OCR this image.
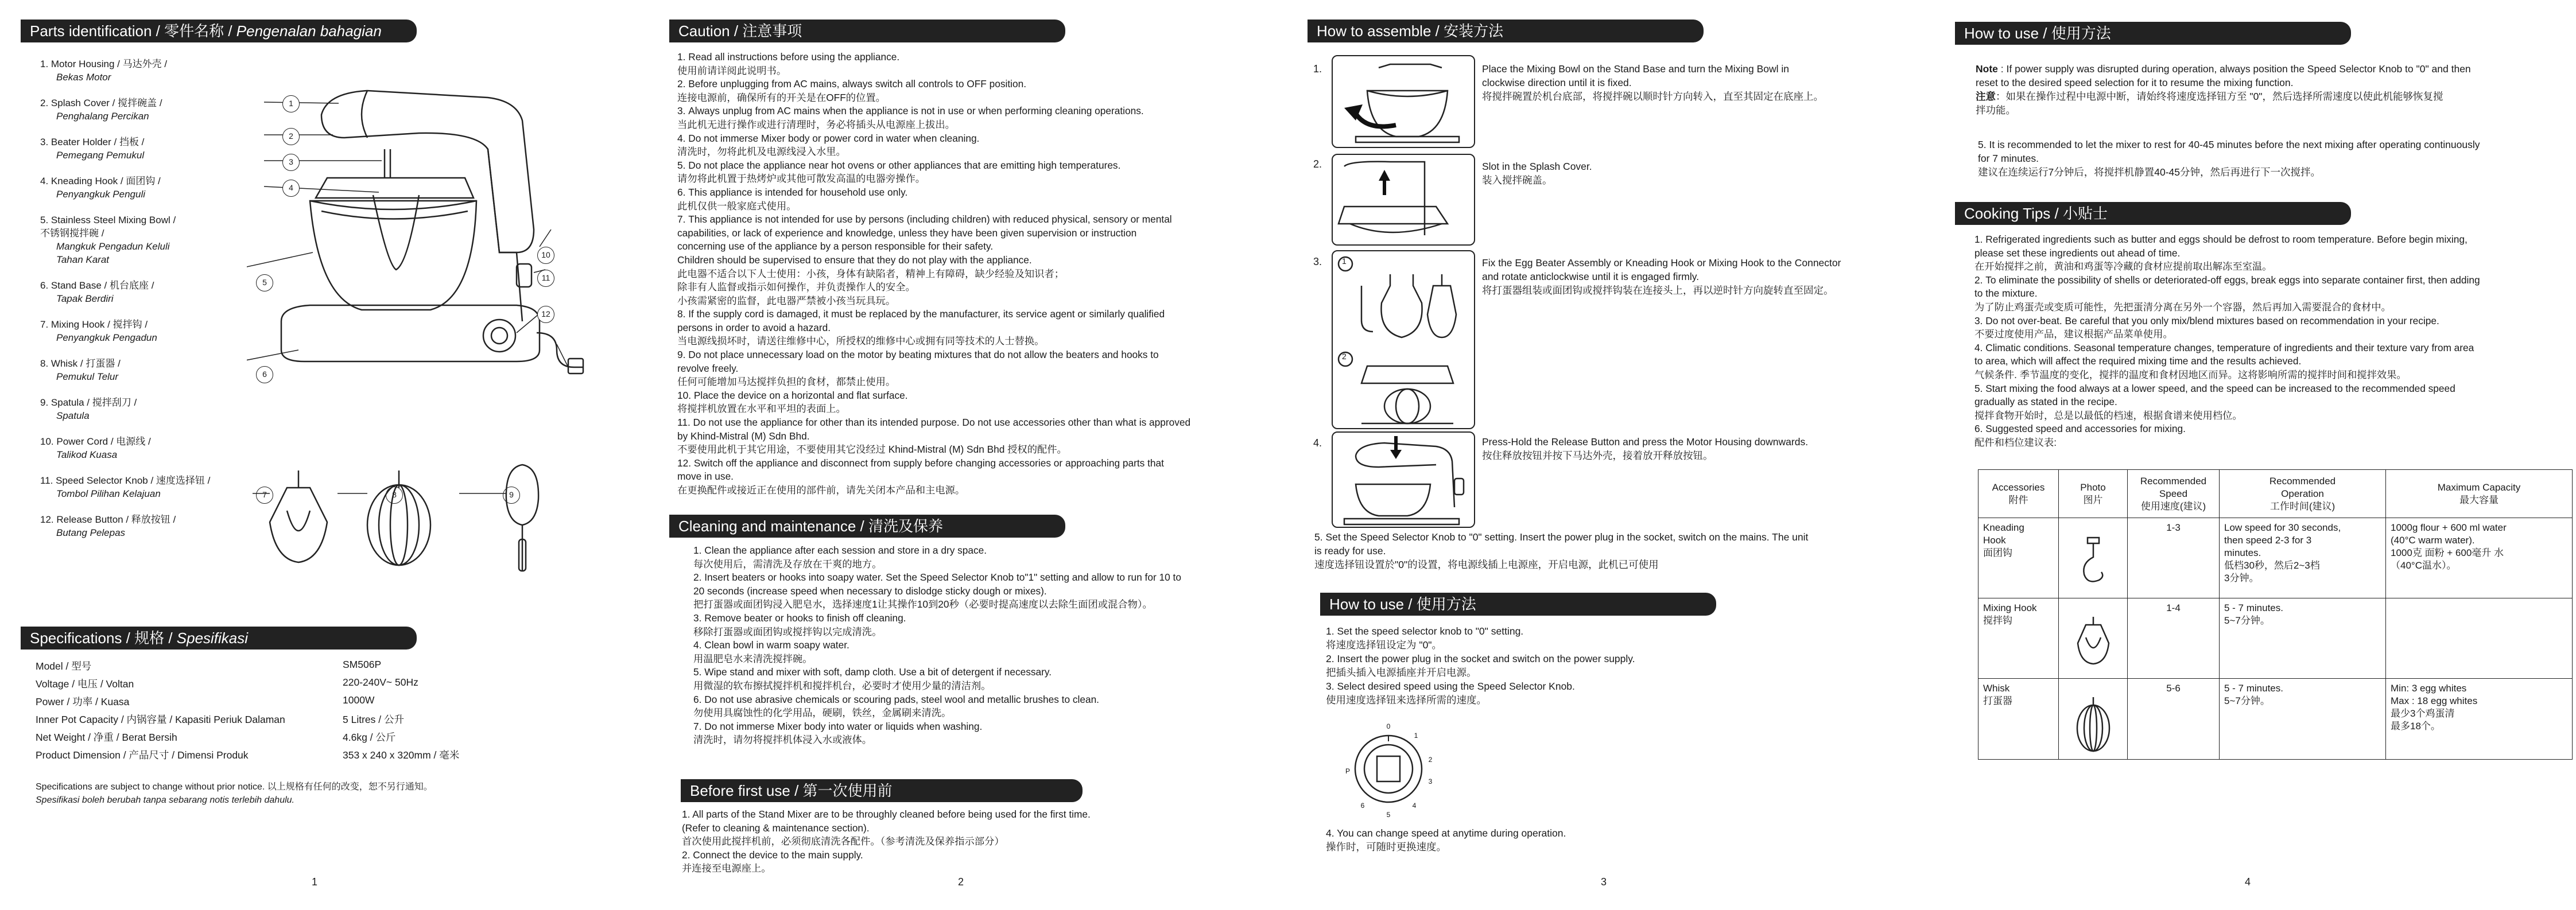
Parts identification / 零件名称 / Pengenalan bahagian
1. Motor Housing / 马达外壳 /
Bekas Motor
2. Splash Cover / 搅拌碗盖 /
Penghalang Percikan
3. Beater Holder / 挡板 /
Pemegang Pemukul
4. Kneading Hook / 面团钩 /
Penyangkuk Penguli
5. Stainless Steel Mixing Bowl /
不锈钢搅拌碗 /
Mangkuk Pengadun Keluli
Tahan Karat
6. Stand Base / 机台底座 /
Tapak Berdiri
7. Mixing Hook / 搅拌钩 /
Penyangkuk Pengadun
8. Whisk / 打蛋器 /
Pemukul Telur
9. Spatula / 搅拌刮刀 /
Spatula
10. Power Cord / 电源线 /
Talikod Kuasa
11. Speed Selector Knob / 速度选择钮 /
Tombol Pilihan Kelajuan
12. Release Button / 释放按钮 /
Butang Pelepas
1
2
3
4
5
6
7	8	9
10
11
12
Specifications / 规格 / Spesifikasi
Model / 型号	SM506P
Voltage / 电压 / Voltan	220-240V~ 50Hz
Power / 功率 / Kuasa	1000W
Inner Pot Capacity / 内锅容量 / Kapasiti Periuk Dalaman	5 Litres / 公升
Net Weight / 净重 / Berat Bersih	4.6kg / 公斤
Product Dimension / 产品尺寸 / Dimensi Produk	353 x 240 x 320mm / 毫米
Specifications are subject to change without prior notice. 以上规格有任何的改变，恕不另行通知。
Spesifikasi boleh berubah tanpa sebarang notis terlebih dahulu.
1
Caution / 注意事项
1. Read all instructions before using the appliance.
使用前请详阅此说明书。
2. Before unplugging from AC mains, always switch all controls to OFF position.
连接电源前，确保所有的开关是在OFF的位置。
3. Always unplug from AC mains when the appliance is not in use or when performing cleaning operations.
当此机无进行操作或进行清理时，务必将插头从电源座上拔出。
4. Do not immerse Mixer body or power cord in water when cleaning.
清洗时，勿将此机及电源线浸入水里。
5. Do not place the appliance near hot ovens or other appliances that are emitting high temperatures.
请勿将此机置于热烤炉或其他可散发高温的电器旁操作。
6. This appliance is intended for household use only.
此机仅供一般家庭式使用。
7. This appliance is not intended for use by persons (including children) with reduced physical, sensory or mental
capabilities, or lack of experience and knowledge, unless they have been given supervision or instruction
concerning use of the appliance by a person responsible for their safety.
Children should be supervised to ensure that they do not play with the appliance.
此电器不适合以下人士使用：小孩，身体有缺陷者，精神上有障碍，缺少经验及知识者；
除非有人监督或指示如何操作，并负责操作人的安全。
小孩需紧密的监督，此电器严禁被小孩当玩具玩。
8. If the supply cord is damaged, it must be replaced by the manufacturer, its service agent or similarly qualified
persons in order to avoid a hazard.
当电源线损坏时，请送往维修中心，所授权的维修中心或拥有同等技术的人士替换。
9. Do not place unnecessary load on the motor by beating mixtures that do not allow the beaters and hooks to
revolve freely.
任何可能增加马达搅拌负担的食材，都禁止使用。
10. Place the device on a horizontal and flat surface.
将搅拌机放置在水平和平坦的表面上。
11. Do not use the appliance for other than its intended purpose. Do not use accessories other than what is approved
by Khind-Mistral (M) Sdn Bhd.
不要使用此机于其它用途，不要使用其它没经过 Khind-Mistral (M) Sdn Bhd 授权的配件。
12. Switch off the appliance and disconnect from supply before changing accessories or approaching parts that
move in use.
在更换配件或接近正在使用的部件前，请先关闭本产品和主电源。
Cleaning and maintenance / 清洗及保养
1. Clean the appliance after each session and store in a dry space.
每次使用后，需清洗及存放在干爽的地方。
2. Insert beaters or hooks into soapy water. Set the Speed Selector Knob to"1" setting and allow to run for 10 to
20 seconds (increase speed when necessary to dislodge sticky dough or mixes).
把打蛋器或面团钩浸入肥皂水，选择速度1让其操作10到20秒（必要时提高速度以去除生面团或混合物）。
3. Remove beater or hooks to finish off cleaning.
移除打蛋器或面团钩或搅拌钩以完成清洗。
4. Clean bowl in warm soapy water.
用温肥皂水来清洗搅拌碗。
5. Wipe stand and mixer with soft, damp cloth. Use a bit of detergent if necessary.
用微湿的软布擦拭搅拌机和搅拌机台，必要时才使用少量的清洁剂。
6. Do not use abrasive chemicals or scouring pads, steel wool and metallic brushes to clean.
勿使用具腐蚀性的化学用品，硬刷，铁丝，金属刷来清洗。
7. Do not immerse Mixer body into water or liquids when washing.
清洗时，请勿将搅拌机体浸入水或液体。
Before first use / 第一次使用前
1. All parts of the Stand Mixer are to be throughly cleaned before being used for the first time.
(Refer to cleaning & maintenance section).
首次使用此搅拌机前，必须彻底清洗各配件。（参考清洗及保养指示部分）
2. Connect the device to the main supply.
并连接至电源座上。
2
How to assemble / 安装方法
1.	Place the Mixing Bowl on the Stand Base and turn the Mixing Bowl in
clockwise direction until it is fixed.
将搅拌碗置於机台底部，将搅拌碗以顺时针方向转入，直至其固定在底座上。
2.	Slot in the Splash Cover.
装入搅拌碗盖。
3. 1
2
Fix the Egg Beater Assembly or Kneading Hook or Mixing Hook to the Connector
and rotate anticlockwise until it is engaged firmly.
将打蛋器组装或面团钩或搅拌钩装在连接头上，再以逆时针方向旋转直至固定。
4.	Press-Hold the Release Button and press the Motor Housing downwards.
按住释放按钮并按下马达外壳，接着放开释放按钮。
5. Set the Speed Selector Knob to "0" setting. Insert the power plug in the socket, switch on the mains. The unit
is ready for use.
速度选择钮设置於"0"的设置，将电源线插上电源座，开启电源，此机已可使用
How to use / 使用方法
1. Set the speed selector knob to "0" setting.
将速度选择钮设定为 "0"。
2. Insert the power plug in the socket and switch on the power supply.
把插头插入电源插座并开启电源。
3. Select desired speed using the Speed Selector Knob.
使用速度选择钮来选择所需的速度。
0
1
2
3
4
5
6
P
4. You can change speed at anytime during operation.
操作时，可随时更换速度。
3
How to use / 使用方法
Note : If power supply was disrupted during operation, always position the Speed Selector Knob to "0" and then
reset to the desired speed selection for it to resume the mixing function.
注意：如果在操作过程中电源中断，请始终将速度选择钮方至 "0"，然后选择所需速度以使此机能够恢复搅
拌功能。
5. It is recommended to let the mixer to rest for 40-45 minutes before the next mixing after operating continuously
for 7 minutes.
建议在连续运行7分钟后，将搅拌机静置40-45分钟，然后再进行下一次搅拌。
Cooking Tips / 小贴士
1. Refrigerated ingredients such as butter and eggs should be defrost to room temperature. Before begin mixing,
please set these ingredients out ahead of time.
在开始搅拌之前，黄油和鸡蛋等冷藏的食材应提前取出解冻至室温。
2. To eliminate the possibility of shells or deteriorated-off eggs, break eggs into separate container first, then adding
to the mixture.
为了防止鸡蛋壳或变质可能性，先把蛋清分离在另外一个容器，然后再加入需要混合的食材中。
3. Do not over-beat. Be careful that you only mix/blend mixtures based on recommendation in your recipe.
不要过度使用产品，建议根据产品菜单使用。
4. Climatic conditions. Seasonal temperature changes, temperature of ingredients and their texture vary from area
to area, which will affect the required mixing time and the results achieved.
气候条件. 季节温度的变化，搅拌的温度和食材因地区而异。这将影响所需的搅拌时间和搅拌效果。
5. Start mixing the food always at a lower speed, and the speed can be increased to the recommended speed
gradually as stated in the recipe.
搅拌食物开始时，总是以最低的档速，根据食谱来使用档位。
6. Suggested speed and accessories for mixing.
配件和档位建议表:
Accessories
附件	Photo
图片	Recommended
Speed
使用速度(建议)	Recommended
Operation
工作时间(建议)	Maximum Capacity
最大容量
Kneading
Hook
面团钩		1-3	Low speed for 30 seconds,
then speed 2-3 for 3
minutes.
低档30秒，然后2~3档
3分钟。	1000g flour + 600 ml water
(40°C warm water).
1000克 面粉 + 600毫升 水
（40°C温水）。
Mixing Hook
搅拌钩		1-4	5 - 7 minutes.
5~7分钟。	
Whisk
打蛋器		5-6	5 - 7 minutes.
5~7分钟。	Min: 3 egg whites
Max : 18 egg whites
最少3个鸡蛋清
最多18个。
4
